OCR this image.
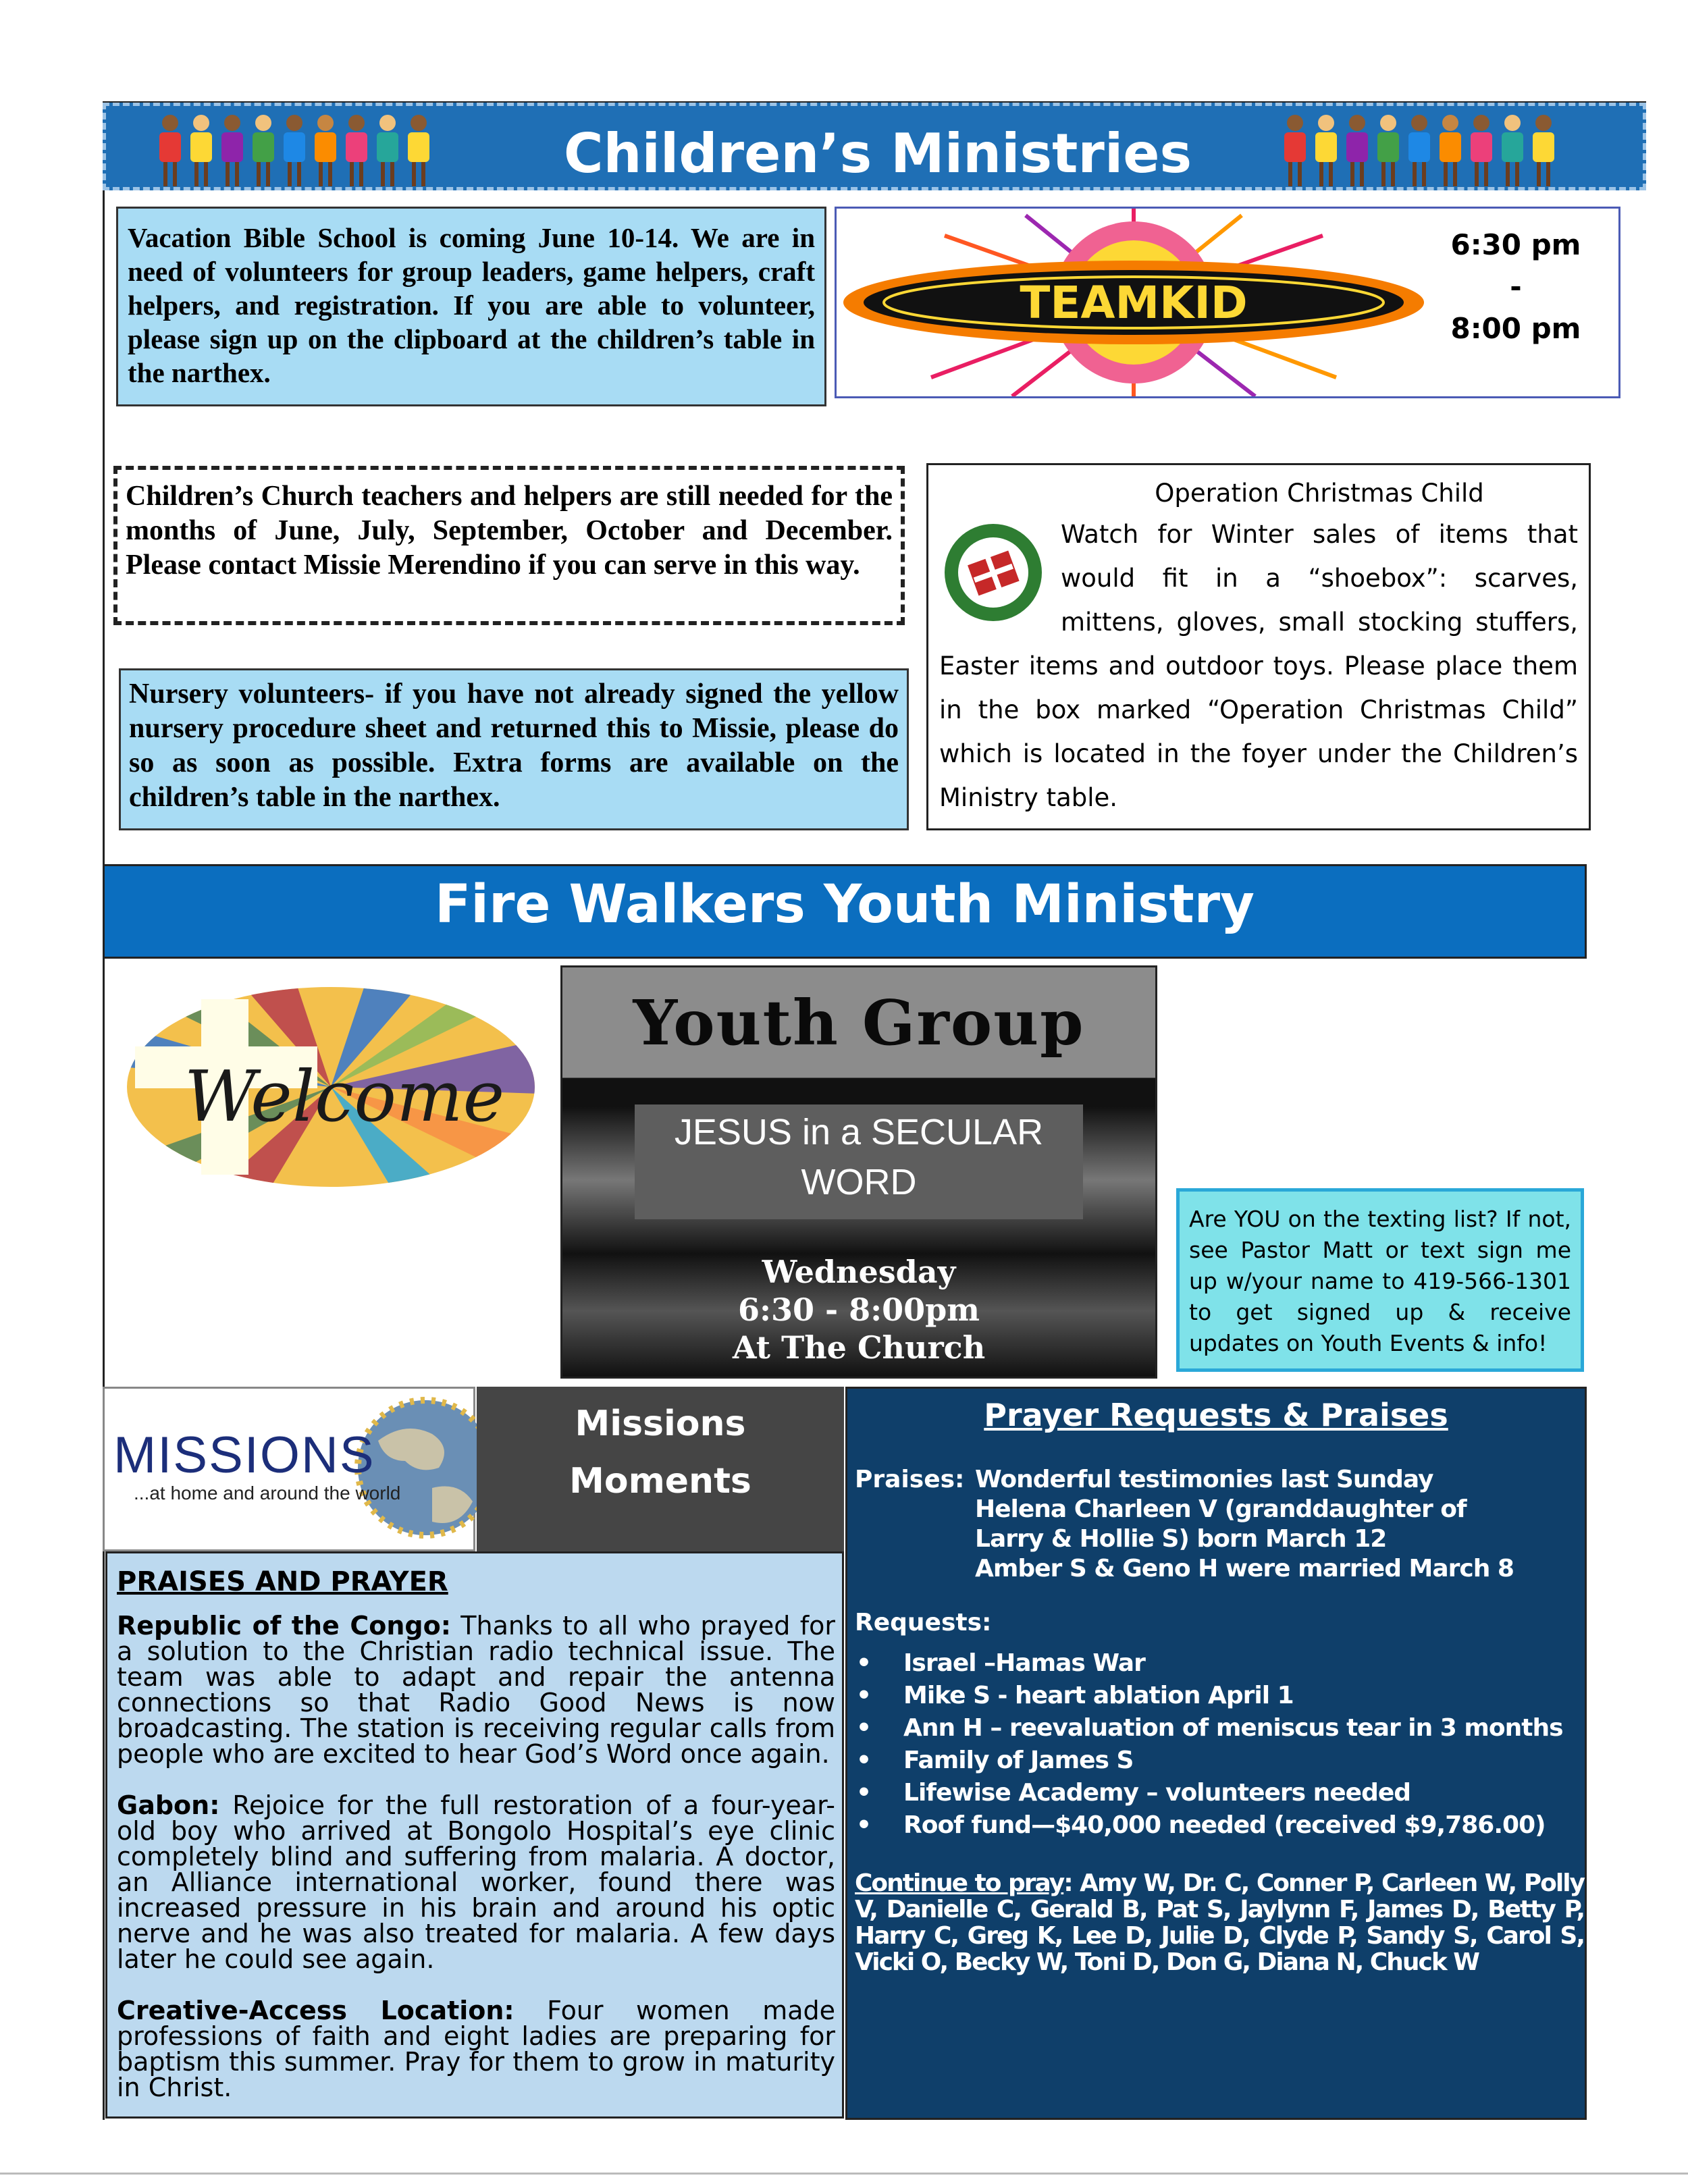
Children’s Ministries
Vacation Bible School is coming June 10-14. We are in need of volunteers for group leaders, game helpers, craft helpers, and registration. If you are able to volunteer, please sign up on the clipboard at the children’s table in the narthex.
TEAMKID
6:30 pm
-
8:00 pm
Children’s Church teachers and helpers are still needed for the months of June, July, September, October and December. Please contact Missie Merendino if you can serve in this way.
Nursery volunteers- if you have not already signed the yellow nursery procedure sheet and returned this to Missie, please do so as soon as possible. Extra forms are available on the children’s table in the narthex.
Operation Christmas Child
Watch for Winter sales of items that would fit in a “shoebox”: scarves, mittens, gloves, small stocking stuffers, Easter items and outdoor toys. Please place them in the box marked “Operation Christmas Child” which is located in the foyer under the Children’s Ministry table.
Fire Walkers Youth Ministry
Welcome
Youth Group
JESUS in a SECULAR
WORD
Wednesday
6:30 - 8:00pm
At The Church
Are YOU on the texting list? If not, see Pastor Matt or text sign me up w/your name to 419-566-1301 to get signed up & receive updates on Youth Events & info!
MISSIONS
...at home and around the world
Missions
Moments
PRAISES AND PRAYER
Republic of the Congo: Thanks to all who prayed for a solution to the Christian radio technical issue. The team was able to adapt and repair the antenna connections so that Radio Good News is now broadcasting. The station is receiving regular calls from people who are excited to hear God’s Word once again.
Gabon: Rejoice for the full restoration of a four-year-old boy who arrived at Bongolo Hospital’s eye clinic completely blind and suffering from malaria. A doctor, an Alliance international worker, found there was increased pressure in his brain and around his optic nerve and he was also treated for malaria. A few days later he could see again.
Creative-Access Location: Four women made professions of faith and eight ladies are preparing for baptism this summer. Pray for them to grow in maturity in Christ.
Prayer Requests & Praises
Praises: Wonderful testimonies last Sunday
Helena Charleen V (granddaughter of
Larry & Hollie S) born March 12
Amber S & Geno H were married March 8
Requests:
•	Israel –Hamas War
•	Mike S - heart ablation April 1
•	Ann H – reevaluation of meniscus tear in 3 months
•	Family of James S
•	Lifewise Academy – volunteers needed
•	Roof fund—$40,000 needed (received $9,786.00)
Continue to pray: Amy W, Dr. C, Conner P, Carleen W, Polly V, Danielle C, Gerald B, Pat S, Jaylynn F, James D, Betty P, Harry C, Greg K, Lee D, Julie D, Clyde P, Sandy S, Carol S, Vicki O, Becky W, Toni D, Don G, Diana N, Chuck W
